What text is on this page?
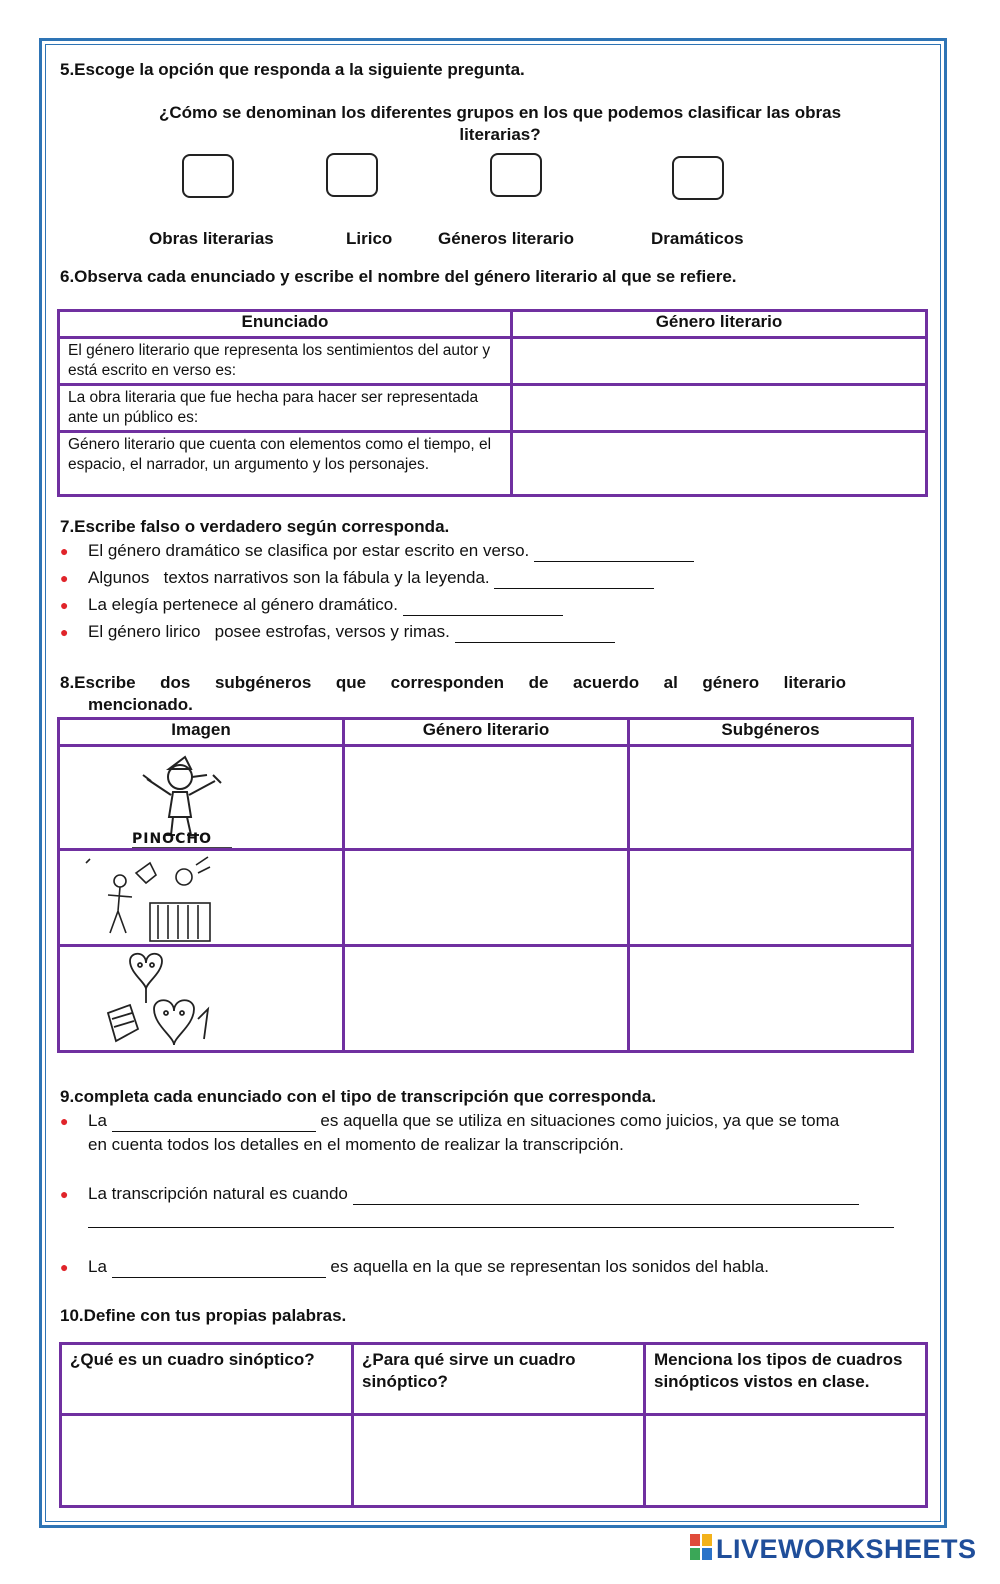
5.Escoge la opción que responda a la siguiente pregunta.
¿Cómo se denominan los diferentes grupos en los que podemos clasificar las obras
literarias?
Obras literarias	Lirico	Géneros literario	Dramáticos
6.Observa cada enunciado y escribe el nombre del género literario al que se refiere.
Enunciado	Género literario
El género literario que representa los sentimientos del autor y está escrito en verso es:	
La obra literaria que fue hecha para hacer ser representada ante un público es:	
Género literario que cuenta con elementos como el tiempo, el espacio, el narrador, un argumento y los personajes.	
7.Escribe falso o verdadero según corresponda.
● El género dramático se clasifica por estar escrito en verso.
● Algunos   textos narrativos son la fábula y la leyenda.
● La elegía pertenece al género dramático.
● El género lirico   posee estrofas, versos y rimas.
8.Escribe dos subgéneros que corresponden de acuerdo al género literario
mencionado.
Imagen	Género literario	Subgéneros

PINOCHO		

9.completa cada enunciado con el tipo de transcripción que corresponda.
● La	es aquella que se utiliza en situaciones como juicios, ya que se toma
en cuenta todos los detalles en el momento de realizar la transcripción.
● La transcripción natural es cuando
● La	es aquella en la que se representan los sonidos del habla.
10.Define con tus propias palabras.
¿Qué es un cuadro sinóptico?	¿Para qué sirve un cuadro sinóptico?	Menciona los tipos de cuadros sinópticos vistos en clase.

LIVEWORKSHEETS
